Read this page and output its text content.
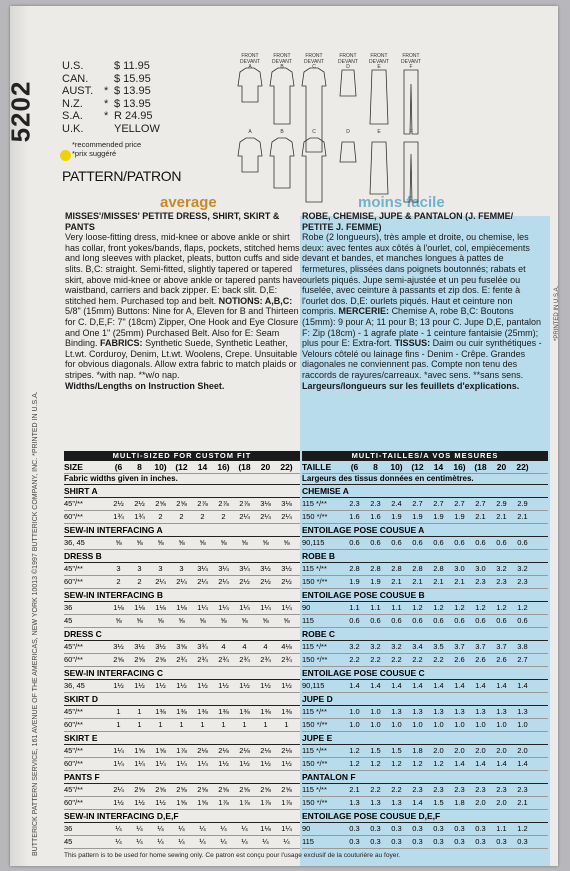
5202
BUTTERICK PATTERN SERVICE, 161 AVENUE OF THE AMERICAS, NEW YORK 10013 ©1997 BUTTERICK COMPANY, INC. *PRINTED IN U.S.A.
*PRINTED IN U.S.A.
U.S.	$ 11.95
CAN.	$ 15.95
AUST. * $ 13.95
N.Z.	* $ 13.95
S.A.	* R 24.95
U.K.	YELLOW
*recommended price
*prix suggéré
PATTERN/PATRON
average	moins facile
FRONT DEVANT
A
FRONT DEVANT
B
FRONT DEVANT
C
FRONT DEVANT
D
FRONT DEVANT
E
FRONT DEVANT
F
A	B	C	D	E	F
MISSES'/MISSES' PETITE DRESS, SHIRT, SKIRT & PANTS
Very loose-fitting dress, mid-knee or above ankle or shirt has collar, front yokes/bands, flaps, pockets, stitched hems and long sleeves with placket, pleats, button cuffs and side slits. B,C: straight. Semi-fitted, slightly tapered or tapered skirt, above mid-knee or above ankle or tapered pants have waistband, carriers and back zipper. E: back slit. D,E: stitched hem. Purchased top and belt. NOTIONS: A,B,C: 5/8" (15mm) Buttons: Nine for A, Eleven for B and Thirteen for C. D,E,F: 7" (18cm) Zipper, One Hook and Eye Closure and One 1" (25mm) Purchased Belt. Also for E: Seam Binding. FABRICS: Synthetic Suede, Synthetic Leather, Lt.wt. Corduroy, Denim, Lt.wt. Woolens, Crepe. Unsuitable for obvious diagonals. Allow extra fabric to match plaids or stripes. *with nap. **w/o nap.
Widths/Lengths on Instruction Sheet.
ROBE, CHEMISE, JUPE & PANTALON (J. FEMME/ PETITE J. FEMME)
Robe (2 longueurs), très ample et droite, ou chemise, les deux: avec fentes aux côtés à l'ourlet, col, empiècements devant et bandes, et manches longues à pattes de fermetures, plissées dans poignets boutonnés; rabats et ourlets piqués. Jupe semi-ajustée et un peu fuselée ou fuselée, avec ceinture à passants et zip dos. E: fente à l'ourlet dos. D,E: ourlets piqués. Haut et ceinture non compris. MERCERIE: Chemise A, robe B,C: Boutons (15mm): 9 pour A; 11 pour B; 13 pour C. Jupe D,E, pantalon F: Zip (18cm) - 1 agrafe plate - 1 ceinture fantaisie (25mm); plus pour E: Extra-fort. TISSUS: Daim ou cuir synthétiques - Velours côtelé ou lainage fins - Denim - Crêpe. Grandes diagonales ne conviennent pas. Compte non tenu des raccords de rayures/carreaux. *avec sens. **sans sens.
Largeurs/longueurs sur les feuillets d'explications.
MULTI-SIZED FOR CUSTOM FIT
SIZE	(6	8	10)	(12	14	16)	(18	20	22)
Fabric widths given in inches.
SHIRT A
45"/**	2½	2½	2⅝	2⅝	2⅞	2⅞	2⅞	3⅛	3⅛
60"/**	1¾	1¾	2	2	2	2	2¼	2¼	2¼
SEW-IN INTERFACING A
36, 45	⅝	⅝	⅝	⅝	⅝	⅝	⅝	⅝	⅝
DRESS B
45"/**	3	3	3	3	3¼	3¼	3¼	3½	3½
60"/**	2	2	2¼	2¼	2¼	2¼	2½	2½	2½
SEW-IN INTERFACING B
36	1⅛	1⅛	1⅛	1⅛	1¼	1¼	1¼	1¼	1¼
45	⅝	⅝	⅝	⅝	⅝	⅝	⅝	⅝	⅝
DRESS C
45"/**	3½	3½	3½	3⅝	3¾	4	4	4	4⅛
60"/**	2⅝	2⅝	2⅝	2¾	2¾	2¾	2¾	2¾	2¾
SEW-IN INTERFACING C
36, 45	1½	1½	1½	1½	1½	1½	1½	1½	1½
SKIRT D
45"/**	1	1	1⅜	1⅜	1⅜	1⅜	1⅜	1⅜	1⅜
60"/**	1	1	1	1	1	1	1	1	1
SKIRT E
45"/**	1¼	1⅝	1⅝	1⅞	2⅛	2⅛	2⅛	2⅛	2⅛
60"/**	1¼	1¼	1¼	1¼	1¼	1½	1½	1½	1½
PANTS F
45"/**	2¼	2⅝	2⅝	2⅝	2⅝	2⅝	2⅝	2⅝	2⅝
60"/**	1½	1½	1½	1⅝	1⅝	1⅞	1⅞	1⅞	1⅞
SEW-IN INTERFACING D,E,F
36	¼	¼	¼	¼	¼	¼	¼	1⅛	1¼
45	¼	¼	¼	¼	¼	¼	¼	¼	¼
MULTI-TAILLES/A VOS MESURES
TAILLE	(6	8	10)	(12	14	16)	(18	20	22)
Largeurs des tissus données en centimètres.
CHEMISE A
115 */**	2.3	2.3	2.4	2.7	2.7	2.7	2.7	2.9	2.9
150 */**	1.6	1.6	1.9	1.9	1.9	1.9	2.1	2.1	2.1
ENTOILAGE POSE COUSUE A
90,115	0.6	0.6	0.6	0.6	0.6	0.6	0.6	0.6	0.6
ROBE B
115 */**	2.8	2.8	2.8	2.8	2.8	3.0	3.0	3.2	3.2
150 */**	1.9	1.9	2.1	2.1	2.1	2.1	2.3	2.3	2.3
ENTOILAGE POSE COUSUE B
90	1.1	1.1	1.1	1.2	1.2	1.2	1.2	1.2	1.2
115	0.6	0.6	0.6	0.6	0.6	0.6	0.6	0.6	0.6
ROBE C
115 */**	3.2	3.2	3.2	3.4	3.5	3.7	3.7	3.7	3.8
150 */**	2.2	2.2	2.2	2.2	2.2	2.6	2.6	2.6	2.7
ENTOILAGE POSE COUSUE C
90,115	1.4	1.4	1.4	1.4	1.4	1.4	1.4	1.4	1.4
JUPE D
115 */**	1.0	1.0	1.3	1.3	1.3	1.3	1.3	1.3	1.3
150 */**	1.0	1.0	1.0	1.0	1.0	1.0	1.0	1.0	1.0
JUPE E
115 */**	1.2	1.5	1.5	1.8	2.0	2.0	2.0	2.0	2.0
150 */**	1.2	1.2	1.2	1.2	1.2	1.4	1.4	1.4	1.4
PANTALON F
115 */**	2.1	2.2	2.2	2.3	2.3	2.3	2.3	2.3	2.3
150 */**	1.3	1.3	1.3	1.4	1.5	1.8	2.0	2.0	2.1
ENTOILAGE POSE COUSUE D,E,F
90	0.3	0.3	0.3	0.3	0.3	0.3	0.3	1.1	1.2
115	0.3	0.3	0.3	0.3	0.3	0.3	0.3	0.3	0.3
This pattern is to be used for home sewing only. Ce patron est conçu pour l'usage exclusif de la couturière au foyer.
